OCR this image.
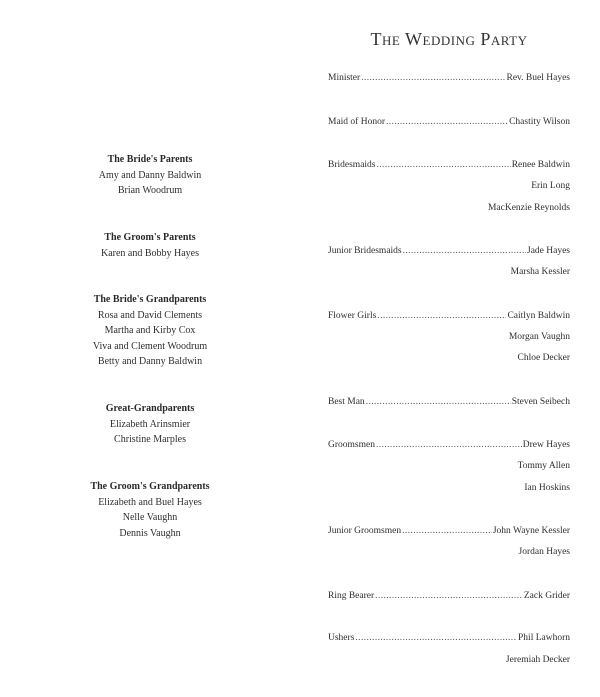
The Wedding Party
The Bride's Parents
Amy and Danny Baldwin
Brian Woodrum
The Groom's Parents
Karen and Bobby Hayes
The Bride's Grandparents
Rosa and David Clements
Martha and Kirby Cox
Viva and Clement Woodrum
Betty and Danny Baldwin
Great-Grandparents
Elizabeth Arinsmier
Christine Marples
The Groom's Grandparents
Elizabeth and Buel Hayes
Nelle Vaughn
Dennis Vaughn
Minister .....	Rev. Buel Hayes
Maid of Honor .....	Chastity Wilson
Bridesmaids .....	Renee Baldwin
Erin Long
MacKenzie Reynolds
Junior Bridesmaids .....	Jade Hayes
Marsha Kessler
Flower Girls .....	Caitlyn Baldwin
Morgan Vaughn
Chloe Decker
Best Man .....	Steven Seibech
Groomsmen .....	Drew Hayes
Tommy Allen
Ian Hoskins
Junior Groomsmen .....	John Wayne Kessler
Jordan Hayes
Ring Bearer .....	Zack Grider
Ushers .....	Phil Lawhorn
Jeremiah Decker
